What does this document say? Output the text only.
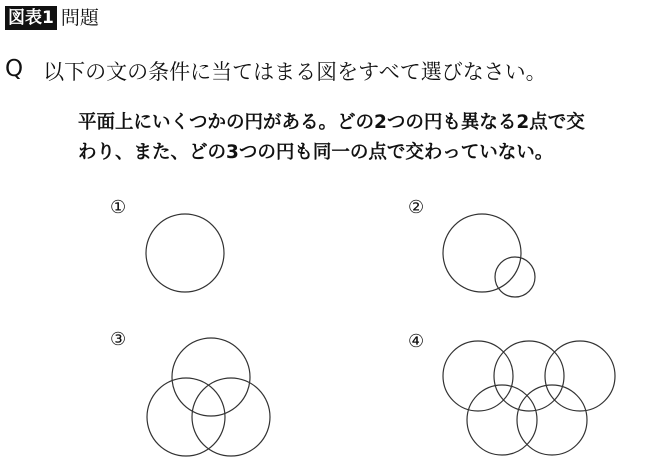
図表1 問題
Q 以下の文の条件に当てはまる図をすべて選びなさい。
平面上にいくつかの円がある。どの2つの円も異なる2点で交
わり、また、どの3つの円も同一の点で交わっていない。
①	②
③	④
